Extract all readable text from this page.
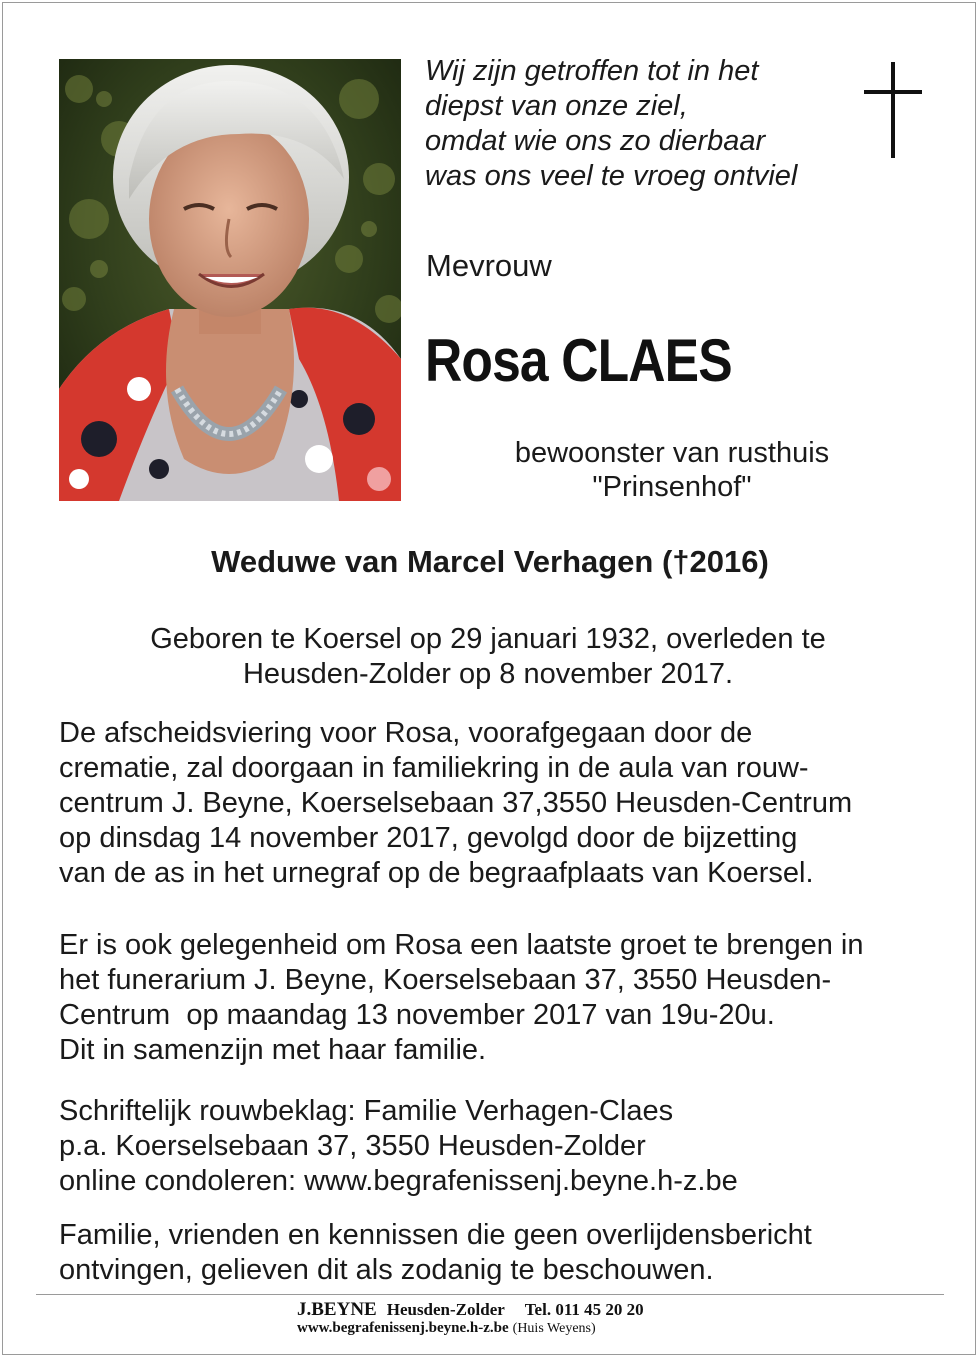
Wij zijn getroffen tot in het
diepst van onze ziel,
omdat wie ons zo dierbaar
was ons veel te vroeg ontviel
Mevrouw
Rosa CLAES
bewoonster van rusthuis
"Prinsenhof"
Weduwe van Marcel Verhagen (†2016)
Geboren te Koersel op 29 januari 1932, overleden te
Heusden-Zolder op 8 november 2017.
De afscheidsviering voor Rosa, voorafgegaan door de
crematie, zal doorgaan in familiekring in de aula van rouw-
centrum J. Beyne, Koerselsebaan 37,3550 Heusden-Centrum
op dinsdag 14 november 2017, gevolgd door de bijzetting
van de as in het urnegraf op de begraafplaats van Koersel.
Er is ook gelegenheid om Rosa een laatste groet te brengen in
het funerarium J. Beyne, Koerselsebaan 37, 3550 Heusden-
Centrum  op maandag 13 november 2017 van 19u-20u.
Dit in samenzijn met haar familie.
Schriftelijk rouwbeklag: Familie Verhagen-Claes
p.a. Koerselsebaan 37, 3550 Heusden-Zolder
online condoleren: www.begrafenissenj.beyne.h-z.be
Familie, vrienden en kennissen die geen overlijdensbericht
ontvingen, gelieven dit als zodanig te beschouwen.
J.BEYNE Heusden-Zolder Tel. 011 45 20 20
www.begrafenissenj.beyne.h-z.be (Huis Weyens)
